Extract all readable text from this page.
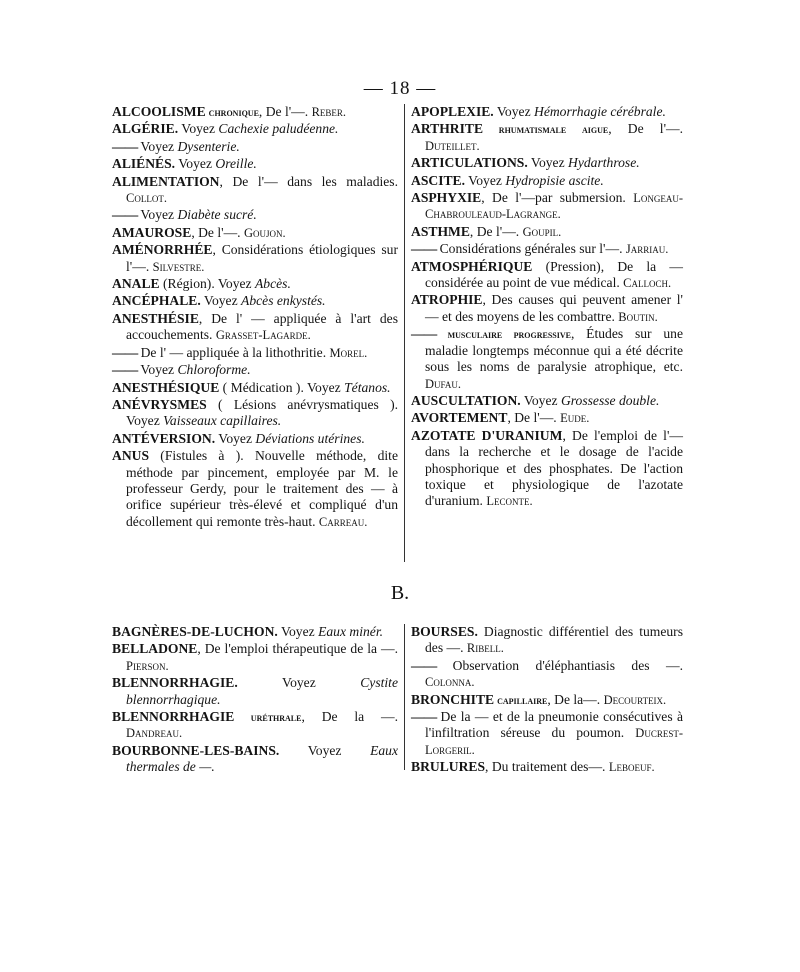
— 18 —

ALCOOLISME chronique, De l'—. Reber.

ALGÉRIE. Voyez Cachexie paludéenne.

—— Voyez Dysenterie.

ALIÉNÉS. Voyez Oreille.

ALIMENTATION, De l'— dans les maladies. Collot.

—— Voyez Diabète sucré.

AMAUROSE, De l'—. Goujon.

AMÉNORRHÉE, Considérations étiologiques sur l'—. Silvestre.

ANALE (Région). Voyez Abcès.

ANCÉPHALE. Voyez Abcès enkystés.

ANESTHÉSIE, De l' — appliquée à l'art des accouchements. Grasset-Lagarde.

—— De l' — appliquée à la lithothritie. Morel.

—— Voyez Chloroforme.

ANESTHÉSIQUE ( Médication ). Voyez Tétanos.

ANÉVRYSMES ( Lésions anévrysmatiques ). Voyez Vaisseaux capillaires.

ANTÉVERSION. Voyez Déviations utérines.

ANUS (Fistules à ). Nouvelle méthode, dite méthode par pincement, employée par M. le professeur Gerdy, pour le traitement des — à orifice supérieur très-élevé et compliqué d'un décollement qui remonte très-haut. Carreau.

APOPLEXIE. Voyez Hémorrhagie cérébrale.

ARTHRITE rhumatismale aigue, De l'—. Duteillet.

ARTICULATIONS. Voyez Hydarthrose.

ASCITE. Voyez Hydropisie ascite.

ASPHYXIE, De l'—par submersion. Longeau-Chabrouleaud-Lagrange.

ASTHME, De l'—. Goupil.

—— Considérations générales sur l'—. Jarriau.

ATMOSPHÉRIQUE (Pression), De la — considérée au point de vue médical. Calloch.

ATROPHIE, Des causes qui peuvent amener l' — et des moyens de les combattre. Boutin.

—— musculaire progressive, Études sur une maladie longtemps méconnue qui a été décrite sous les noms de paralysie atrophique, etc. Dufau.

AUSCULTATION. Voyez Grossesse double.

AVORTEMENT, De l'—. Eude.

AZOTATE D'URANIUM, De l'emploi de l'— dans la recherche et le dosage de l'acide phosphorique et des phosphates. De l'action toxique et physiologique de l'azotate d'uranium. Leconte.

B.

BAGNÈRES-DE-LUCHON. Voyez Eaux minér.

BELLADONE, De l'emploi thérapeutique de la —. Pierson.

BLENNORRHAGIE. Voyez Cystite blennorrhagique.

BLENNORRHAGIE uréthrale, De la —. Dandreau.

BOURBONNE-LES-BAINS. Voyez Eaux thermales de —.

BOURSES. Diagnostic différentiel des tumeurs des —. Ribell.

—— Observation d'éléphantiasis des —. Colonna.

BRONCHITE capillaire, De la—. Decourteix.

—— De la — et de la pneumonie consécutives à l'infiltration séreuse du poumon. Ducrest-Lorgeril.

BRULURES, Du traitement des—. Leboeuf.
